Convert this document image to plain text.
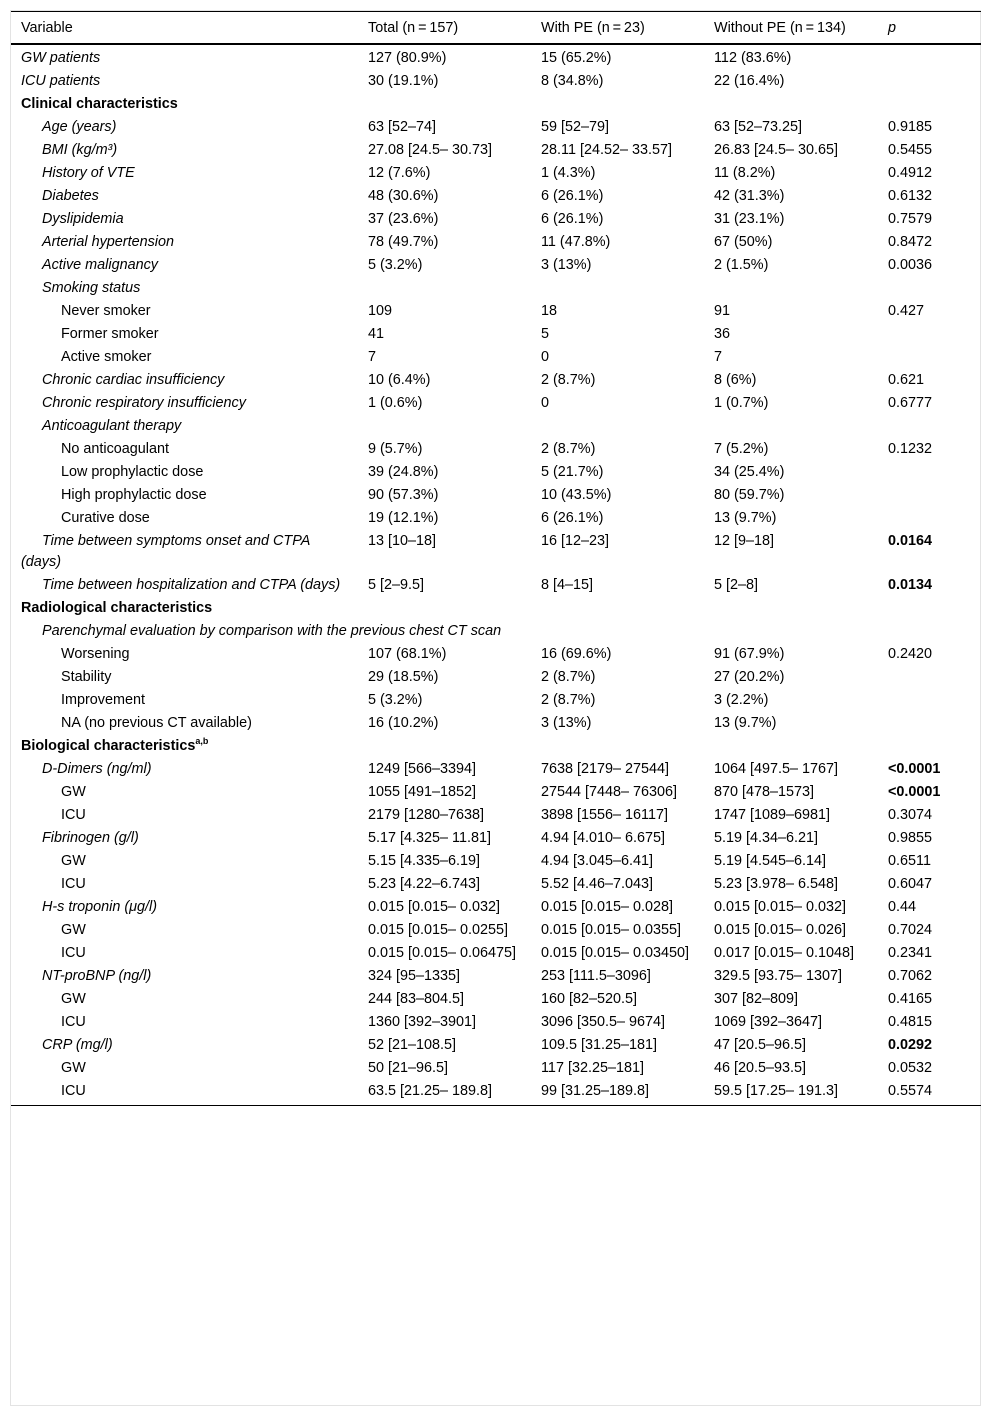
Variable	Total (n = 157)	With PE (n = 23)	Without PE (n = 134)	p
GW patients	127 (80.9%)	15 (65.2%)	112 (83.6%)	
ICU patients	30 (19.1%)	8 (34.8%)	22 (16.4%)	
Clinical characteristics				
Age (years)	63 [52–74]	59 [52–79]	63 [52–73.25]	0.9185
BMI (kg/m³)	27.08 [24.5– 30.73]	28.11 [24.52– 33.57]	26.83 [24.5– 30.65]	0.5455
History of VTE	12 (7.6%)	1 (4.3%)	11 (8.2%)	0.4912
Diabetes	48 (30.6%)	6 (26.1%)	42 (31.3%)	0.6132
Dyslipidemia	37 (23.6%)	6 (26.1%)	31 (23.1%)	0.7579
Arterial hypertension	78 (49.7%)	11 (47.8%)	67 (50%)	0.8472
Active malignancy	5 (3.2%)	3 (13%)	2 (1.5%)	0.0036
Smoking status				
Never smoker	109	18	91	0.427
Former smoker	41	5	36	
Active smoker	7	0	7	
Chronic cardiac insufficiency	10 (6.4%)	2 (8.7%)	8 (6%)	0.621
Chronic respiratory insufficiency	1 (0.6%)	0	1 (0.7%)	0.6777
Anticoagulant therapy				
No anticoagulant	9 (5.7%)	2 (8.7%)	7 (5.2%)	0.1232
Low prophylactic dose	39 (24.8%)	5 (21.7%)	34 (25.4%)	
High prophylactic dose	90 (57.3%)	10 (43.5%)	80 (59.7%)	
Curative dose	19 (12.1%)	6 (26.1%)	13 (9.7%)	
Time between symptoms onset and CTPA (days)	13 [10–18]	16 [12–23]	12 [9–18]	0.0164
Time between hospitalization and CTPA (days)	5 [2–9.5]	8 [4–15]	5 [2–8]	0.0134
Radiological characteristics				
Parenchymal evaluation by comparison with the previous chest CT scan				
Worsening	107 (68.1%)	16 (69.6%)	91 (67.9%)	0.2420
Stability	29 (18.5%)	2 (8.7%)	27 (20.2%)	
Improvement	5 (3.2%)	2 (8.7%)	3 (2.2%)	
NA (no previous CT available)	16 (10.2%)	3 (13%)	13 (9.7%)	
Biological characteristics$^{a,b}$				
D-Dimers (ng/ml)	1249 [566–3394]	7638 [2179– 27544]	1064 [497.5– 1767]	<0.0001
GW	1055 [491–1852]	27544 [7448– 76306]	870 [478–1573]	<0.0001
ICU	2179 [1280–7638]	3898 [1556– 16117]	1747 [1089–6981]	0.3074
Fibrinogen (g/l)	5.17 [4.325– 11.81]	4.94 [4.010– 6.675]	5.19 [4.34–6.21]	0.9855
GW	5.15 [4.335–6.19]	4.94 [3.045–6.41]	5.19 [4.545–6.14]	0.6511
ICU	5.23 [4.22–6.743]	5.52 [4.46–7.043]	5.23 [3.978– 6.548]	0.6047
H-s troponin (μg/l)	0.015 [0.015– 0.032]	0.015 [0.015– 0.028]	0.015 [0.015– 0.032]	0.44
GW	0.015 [0.015– 0.0255]	0.015 [0.015– 0.0355]	0.015 [0.015– 0.026]	0.7024
ICU	0.015 [0.015– 0.06475]	0.015 [0.015– 0.03450]	0.017 [0.015– 0.1048]	0.2341
NT-proBNP (ng/l)	324 [95–1335]	253 [111.5–3096]	329.5 [93.75– 1307]	0.7062
GW	244 [83–804.5]	160 [82–520.5]	307 [82–809]	0.4165
ICU	1360 [392–3901]	3096 [350.5– 9674]	1069 [392–3647]	0.4815
CRP (mg/l)	52 [21–108.5]	109.5 [31.25–181]	47 [20.5–96.5]	0.0292
GW	50 [21–96.5]	117 [32.25–181]	46 [20.5–93.5]	0.0532
ICU	63.5 [21.25– 189.8]	99 [31.25–189.8]	59.5 [17.25– 191.3]	0.5574
